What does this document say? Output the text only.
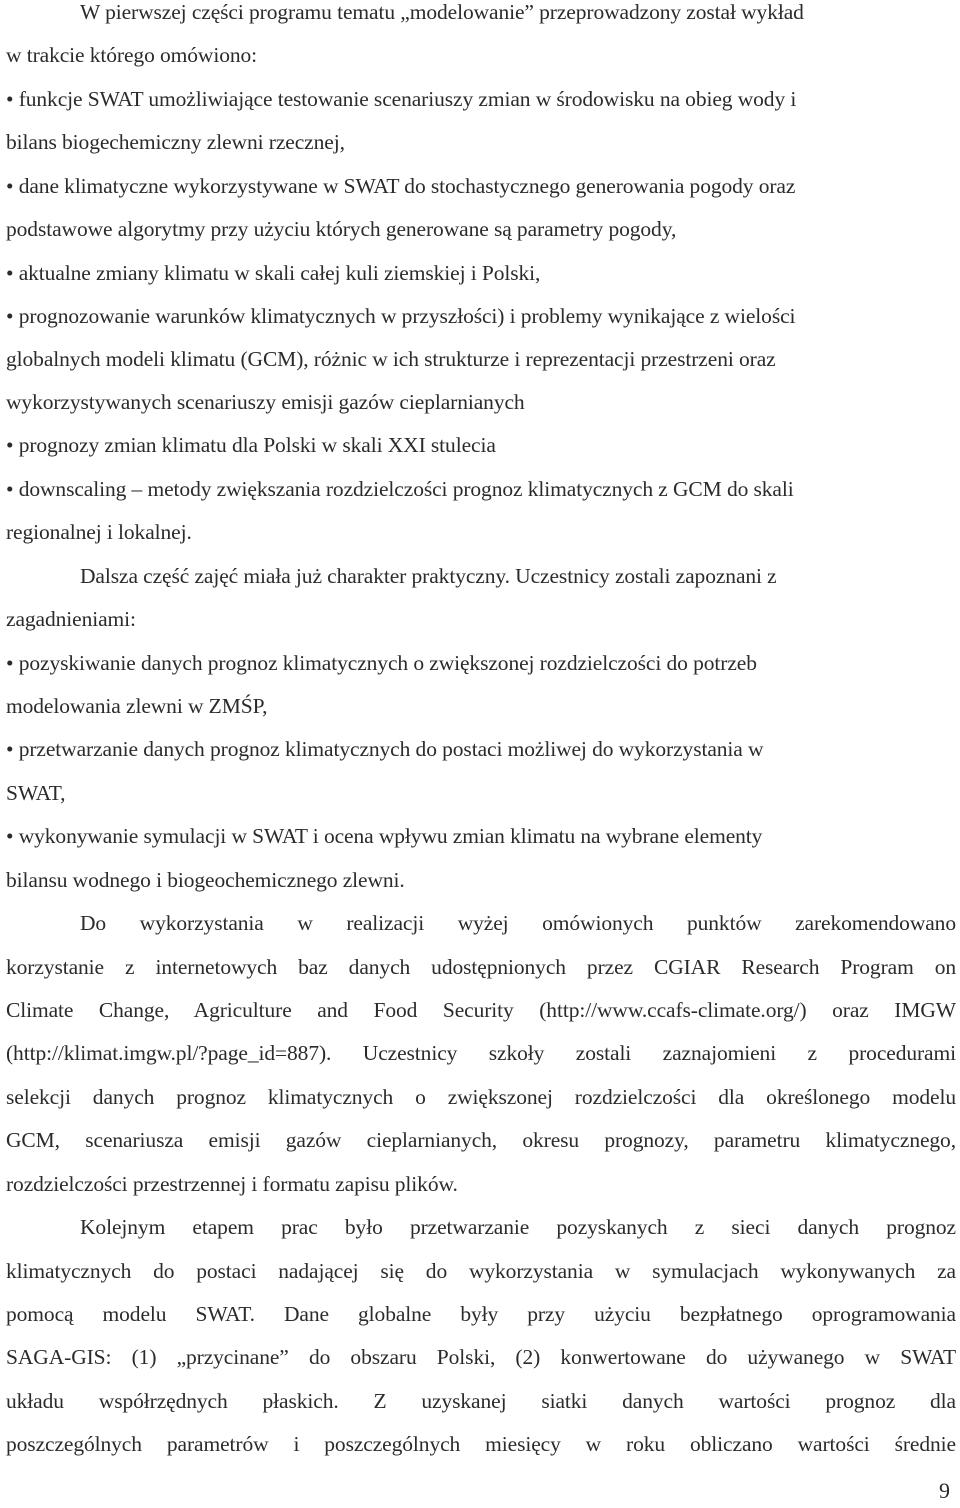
W pierwszej części programu tematu „modelowanie” przeprowadzony został wykład
w trakcie którego omówiono:
• funkcje SWAT umożliwiające testowanie scenariuszy zmian w środowisku na obieg wody i
bilans biogechemiczny zlewni rzecznej,
• dane klimatyczne wykorzystywane w SWAT do stochastycznego generowania pogody oraz
podstawowe algorytmy przy użyciu których generowane są parametry pogody,
• aktualne zmiany klimatu w skali całej kuli ziemskiej i Polski,
• prognozowanie warunków klimatycznych w przyszłości) i problemy wynikające z wielości
globalnych modeli klimatu (GCM), różnic w ich strukturze i reprezentacji przestrzeni oraz
wykorzystywanych scenariuszy emisji gazów cieplarnianych
• prognozy zmian klimatu dla Polski w skali XXI stulecia
• downscaling – metody zwiększania rozdzielczości prognoz klimatycznych z GCM do skali
regionalnej i lokalnej.
Dalsza część zajęć miała już charakter praktyczny. Uczestnicy zostali zapoznani z
zagadnieniami:
• pozyskiwanie danych prognoz klimatycznych o zwiększonej rozdzielczości do potrzeb
modelowania zlewni w ZMŚP,
• przetwarzanie danych prognoz klimatycznych do postaci możliwej do wykorzystania w
SWAT,
• wykonywanie symulacji w SWAT i ocena wpływu zmian klimatu na wybrane elementy
bilansu wodnego i biogeochemicznego zlewni.
Do wykorzystania w realizacji wyżej omówionych punktów zarekomendowano
korzystanie z internetowych baz danych udostępnionych przez CGIAR Research Program on
Climate Change, Agriculture and Food Security (http://www.ccafs-climate.org/) oraz IMGW
(http://klimat.imgw.pl/?page_id=887). Uczestnicy szkoły zostali zaznajomieni z procedurami
selekcji danych prognoz klimatycznych o zwiększonej rozdzielczości dla określonego modelu
GCM, scenariusza emisji gazów cieplarnianych, okresu prognozy, parametru klimatycznego,
rozdzielczości przestrzennej i formatu zapisu plików.
Kolejnym etapem prac było przetwarzanie pozyskanych z sieci danych prognoz
klimatycznych do postaci nadającej się do wykorzystania w symulacjach wykonywanych za
pomocą modelu SWAT. Dane globalne były przy użyciu bezpłatnego oprogramowania
SAGA-GIS: (1) „przycinane” do obszaru Polski, (2) konwertowane do używanego w SWAT
układu współrzędnych płaskich. Z uzyskanej siatki danych wartości prognoz dla
poszczególnych parametrów i poszczególnych miesięcy w roku obliczano wartości średnie
9
